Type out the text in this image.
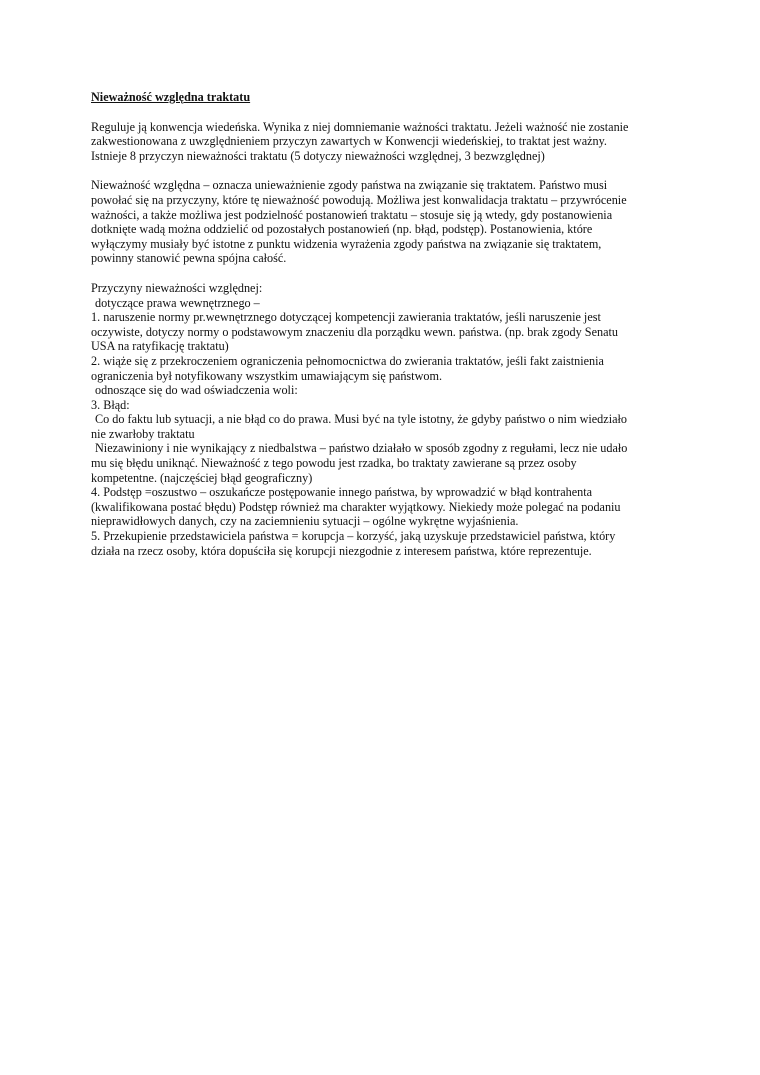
Nieważność względna traktatu
Reguluje ją konwencja wiedeńska. Wynika z niej domniemanie ważności traktatu. Jeżeli ważność nie zostanie
zakwestionowana z uwzględnieniem przyczyn zawartych w Konwencji wiedeńskiej, to traktat jest ważny.
Istnieje 8 przyczyn nieważności traktatu (5 dotyczy nieważności względnej, 3 bezwzględnej)
Nieważność względna – oznacza unieważnienie zgody państwa na związanie się traktatem. Państwo musi
powołać się na przyczyny, które tę nieważność powodują. Możliwa jest konwalidacja traktatu – przywrócenie
ważności, a także możliwa jest podzielność postanowień traktatu – stosuje się ją wtedy, gdy postanowienia
dotknięte wadą można oddzielić od pozostałych postanowień (np. błąd, podstęp). Postanowienia, które
wyłączymy musiały być istotne z punktu widzenia wyrażenia zgody państwa na związanie się traktatem,
powinny stanowić pewna spójna całość.
Przyczyny nieważności względnej:
dotyczące prawa wewnętrznego –
1. naruszenie normy pr.wewnętrznego dotyczącej kompetencji zawierania traktatów, jeśli naruszenie jest
oczywiste, dotyczy normy o podstawowym znaczeniu dla porządku wewn. państwa. (np. brak zgody Senatu
USA na ratyfikację traktatu)
2. wiąże się z przekroczeniem ograniczenia pełnomocnictwa do zwierania traktatów, jeśli fakt zaistnienia
ograniczenia był notyfikowany wszystkim umawiającym się państwom.
odnoszące się do wad oświadczenia woli:
3. Błąd:
Co do faktu lub sytuacji, a nie błąd co do prawa. Musi być na tyle istotny, że gdyby państwo o nim wiedziało
nie zwarłoby traktatu
Niezawiniony i nie wynikający z niedbalstwa – państwo działało w sposób zgodny z regułami, lecz nie udało
mu się błędu uniknąć. Nieważność z tego powodu jest rzadka, bo traktaty zawierane są przez osoby
kompetentne. (najczęściej błąd geograficzny)
4. Podstęp =oszustwo – oszukańcze postępowanie innego państwa, by wprowadzić w błąd kontrahenta
(kwalifikowana postać błędu) Podstęp również ma charakter wyjątkowy. Niekiedy może polegać na podaniu
nieprawidłowych danych, czy na zaciemnieniu sytuacji – ogólne wykrętne wyjaśnienia.
5. Przekupienie przedstawiciela państwa = korupcja – korzyść, jaką uzyskuje przedstawiciel państwa, który
działa na rzecz osoby, która dopuściła się korupcji niezgodnie z interesem państwa, które reprezentuje.
